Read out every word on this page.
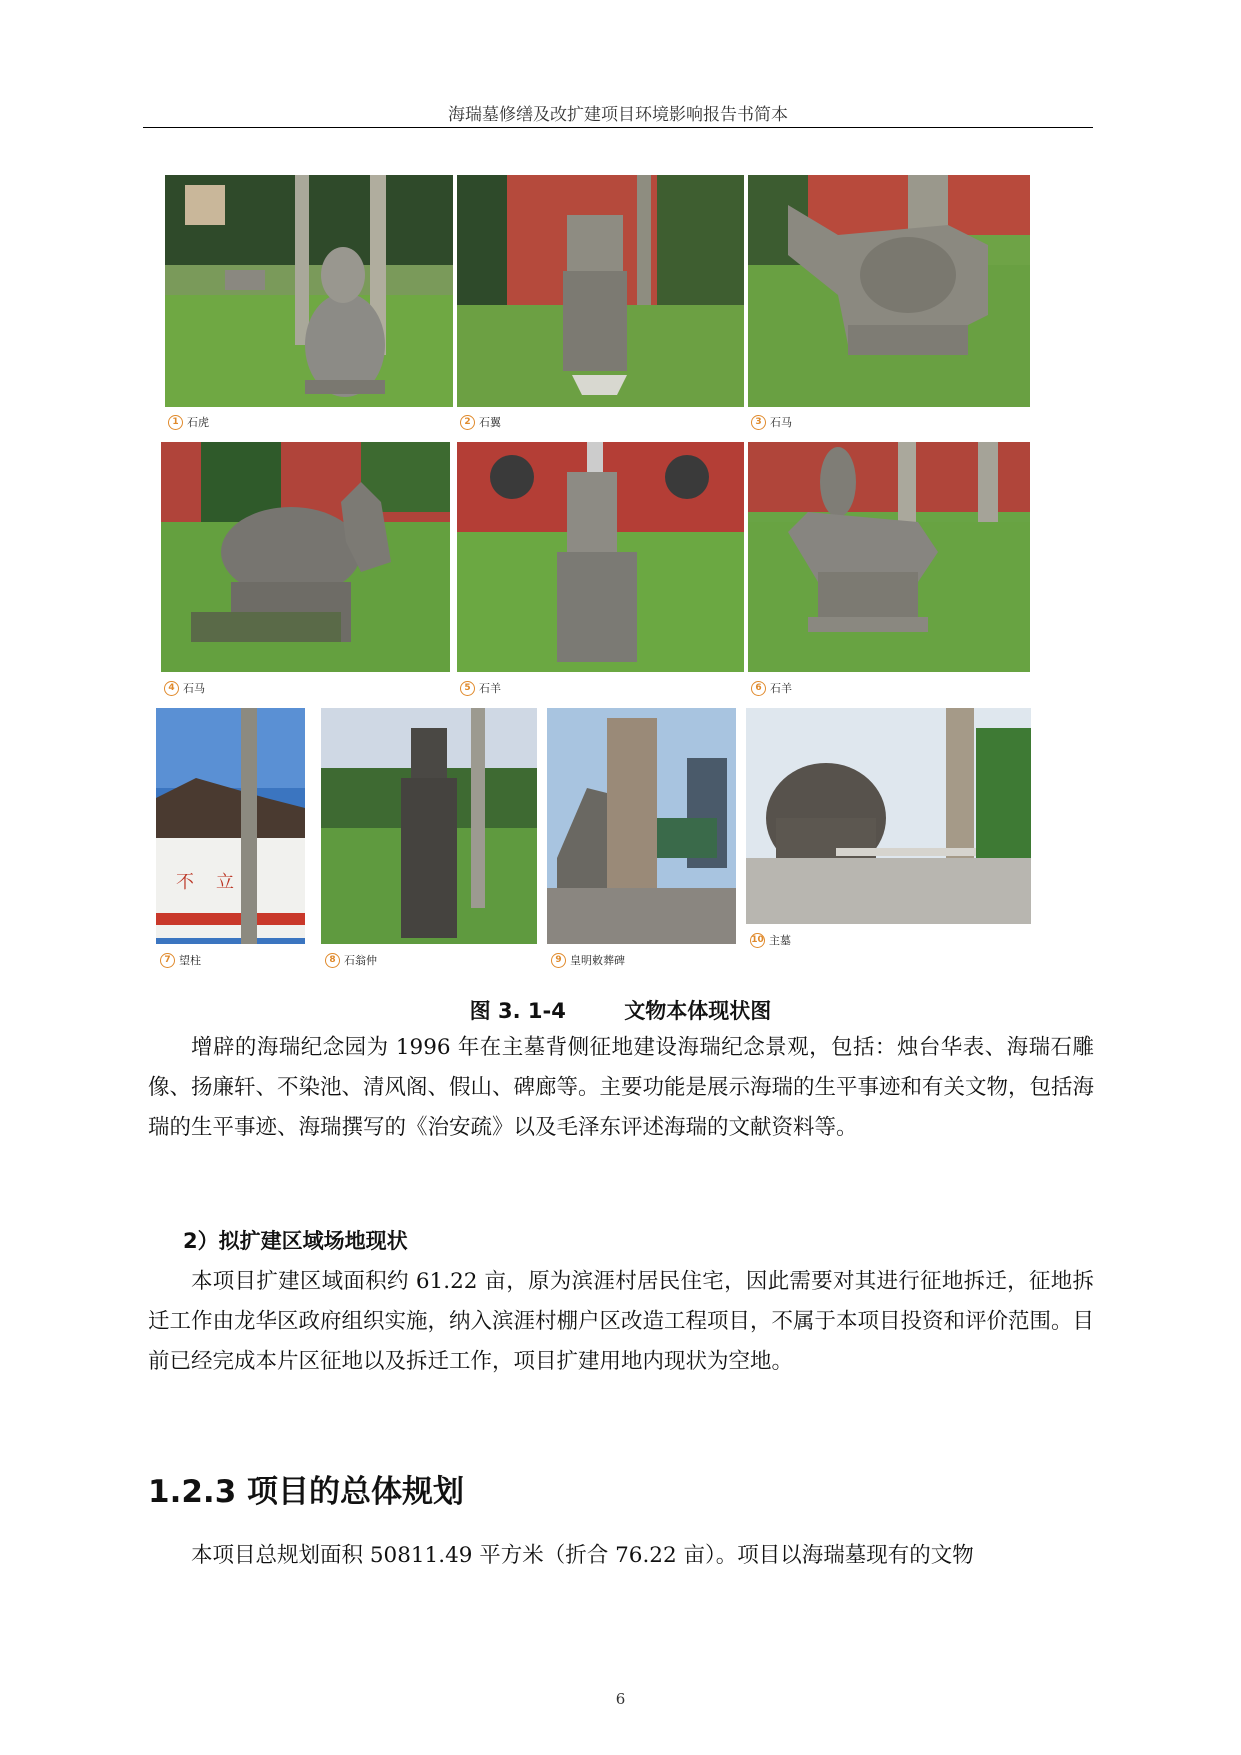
海瑞墓修缮及改扩建项目环境影响报告书简本
1 石虎	2 石翼	3 石马
4 石马	5 石羊	6 石羊
不 立
7 望柱	8 石翁仲	9 皇明敕葬碑
10 主墓
图 3. 1-4        文物本体现状图

增辟的海瑞纪念园为 1996 年在主墓背侧征地建设海瑞纪念景观，包括：烛台华表、海瑞石雕像、扬廉轩、不染池、清风阁、假山、碑廊等。主要功能是展示海瑞的生平事迹和有关文物，包括海瑞的生平事迹、海瑞撰写的《治安疏》以及毛泽东评述海瑞的文献资料等。

2）拟扩建区域场地现状

本项目扩建区域面积约 61.22 亩，原为滨涯村居民住宅，因此需要对其进行征地拆迁，征地拆迁工作由龙华区政府组织实施，纳入滨涯村棚户区改造工程项目，不属于本项目投资和评价范围。目前已经完成本片区征地以及拆迁工作，项目扩建用地内现状为空地。

1.2.3 项目的总体规划

本项目总规划面积 50811.49 平方米（折合 76.22 亩）。项目以海瑞墓现有的文物

6
